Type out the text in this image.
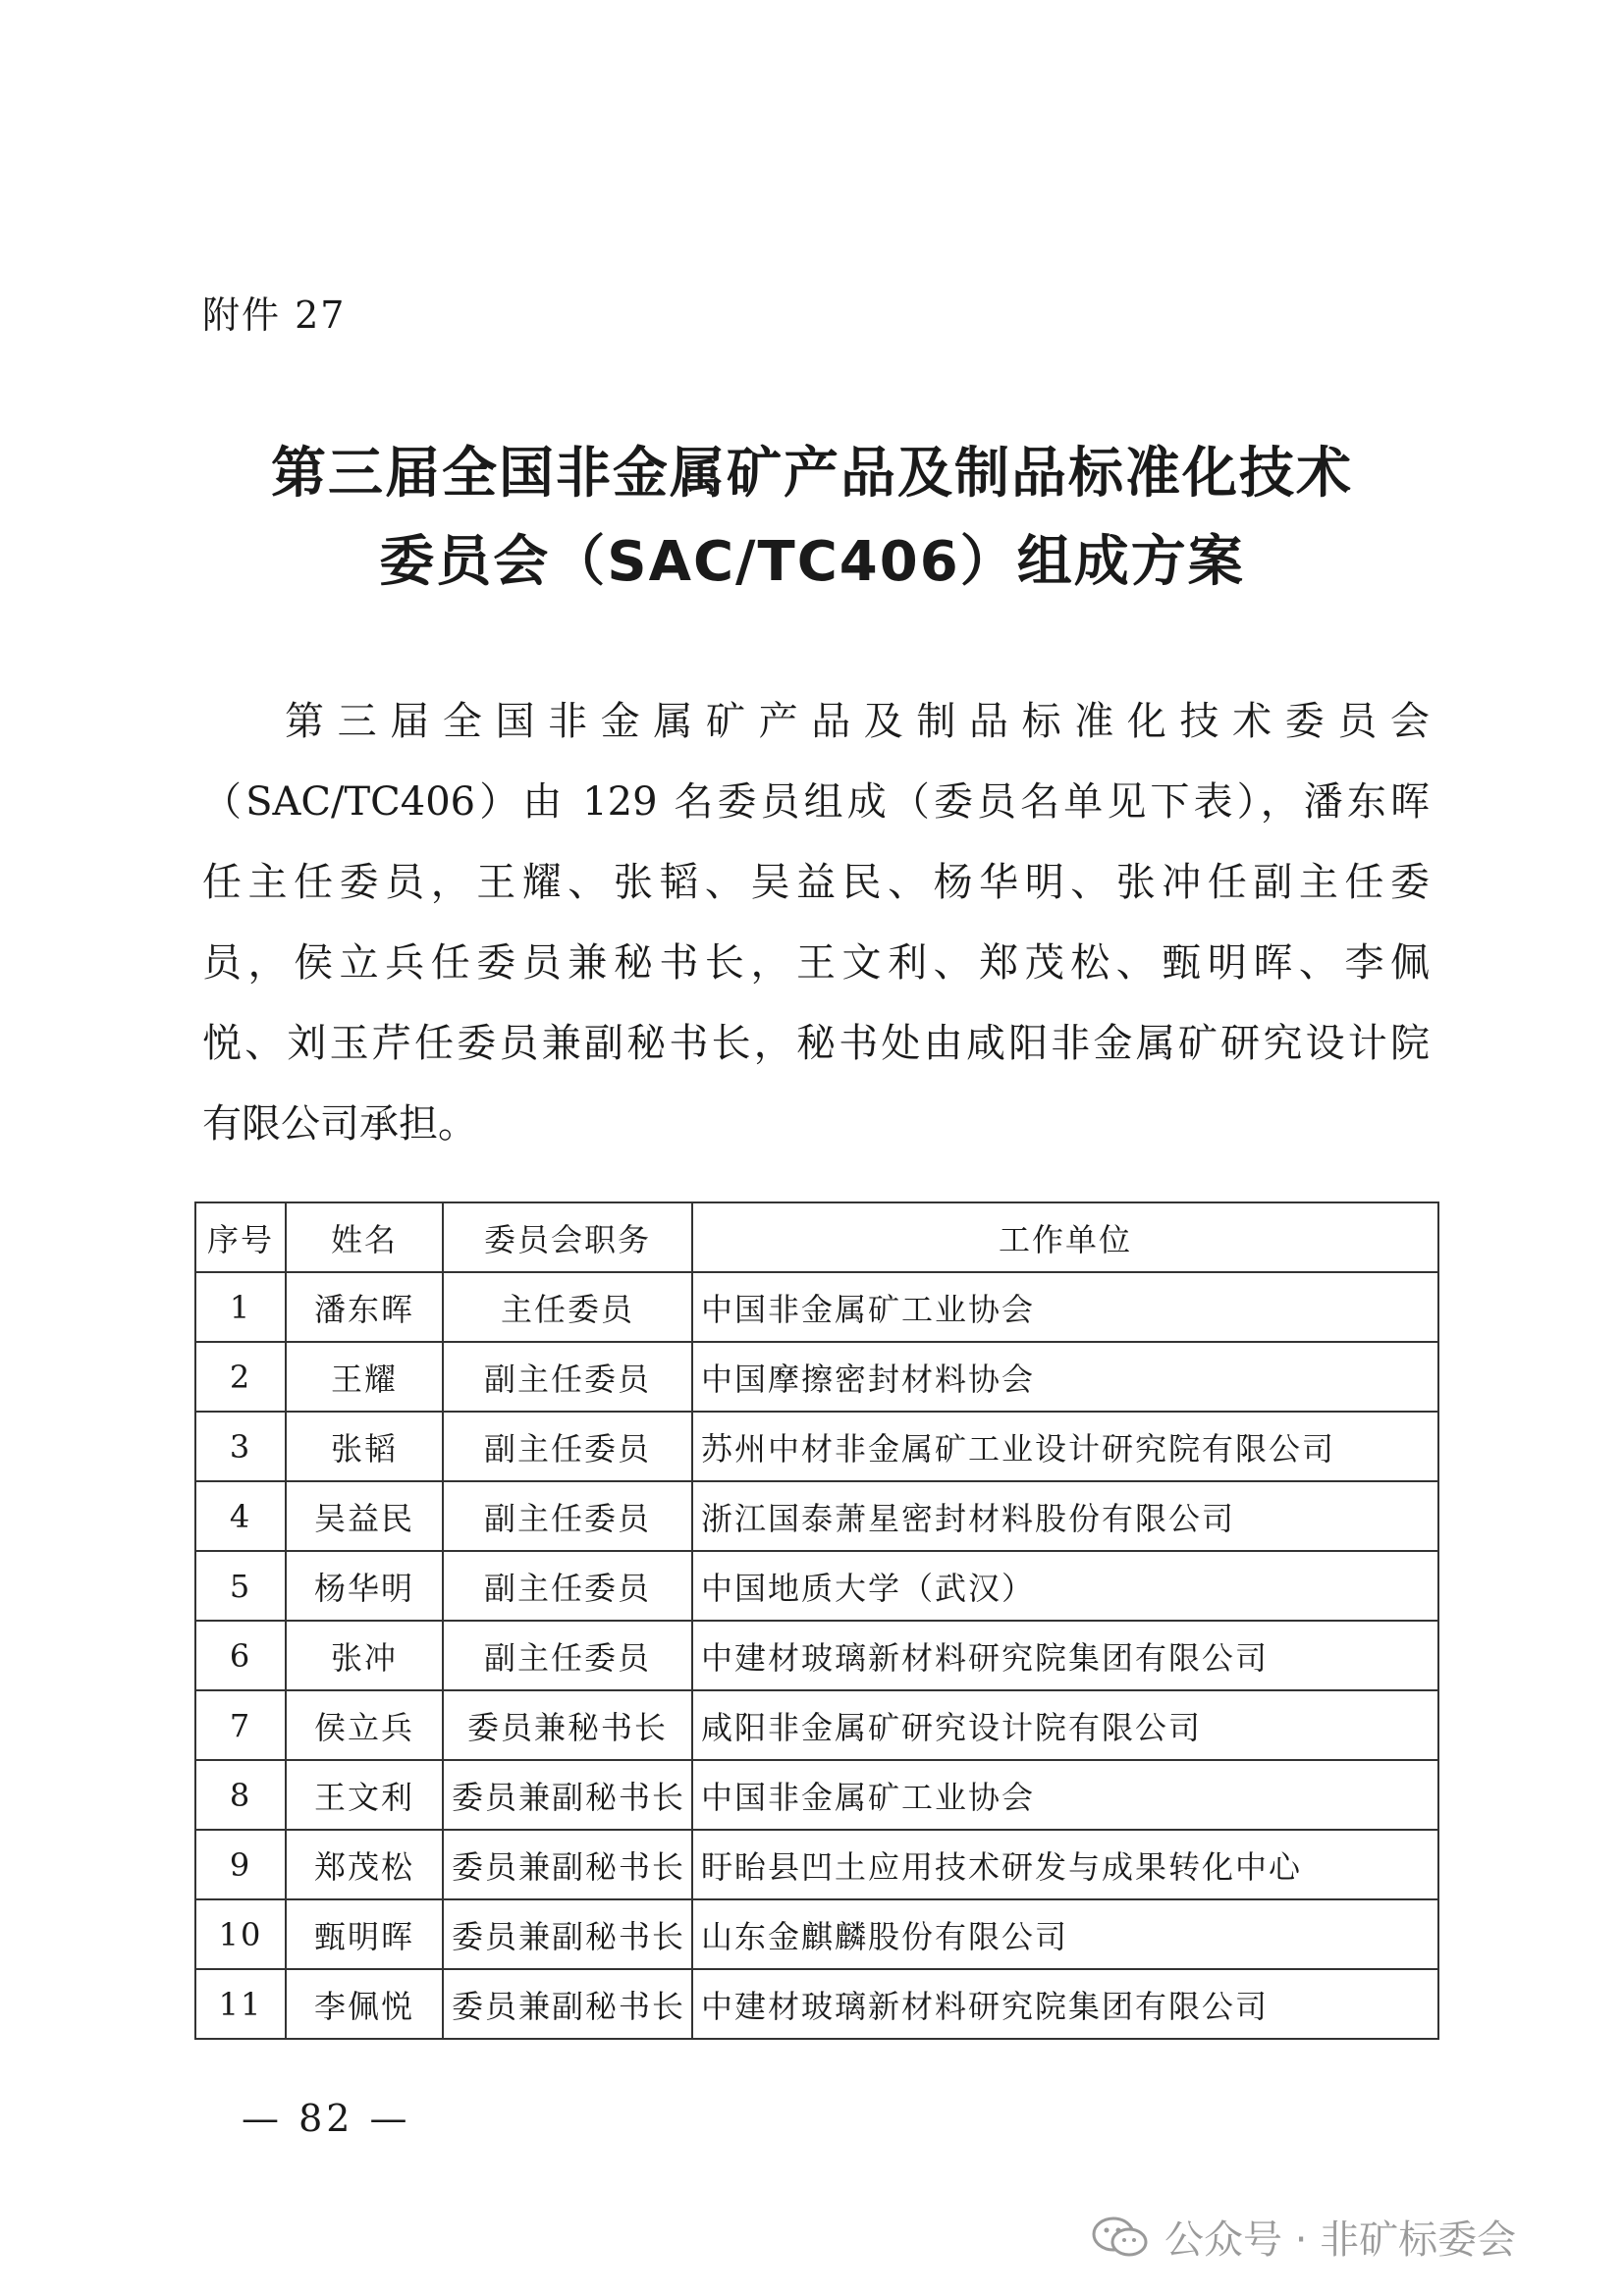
附件 27
第三届全国非金属矿产品及制品标准化技术
委员会（SAC/TC406）组成方案
第三届全国非金属矿产品及制品标准化技术委员会
（SAC/TC406）由 129 名委员组成（委员名单见下表），潘东晖
任主任委员，王耀、张韬、吴益民、杨华明、张冲任副主任委
员，侯立兵任委员兼秘书长，王文利、郑茂松、甄明晖、李佩
悦、刘玉芹任委员兼副秘书长，秘书处由咸阳非金属矿研究设计院
有限公司承担。
序号	姓名	委员会职务	工作单位
1	潘东晖	主任委员	中国非金属矿工业协会
2	王耀	副主任委员	中国摩擦密封材料协会
3	张韬	副主任委员	苏州中材非金属矿工业设计研究院有限公司
4	吴益民	副主任委员	浙江国泰萧星密封材料股份有限公司
5	杨华明	副主任委员	中国地质大学（武汉）
6	张冲	副主任委员	中建材玻璃新材料研究院集团有限公司
7	侯立兵	委员兼秘书长	咸阳非金属矿研究设计院有限公司
8	王文利	委员兼副秘书长	中国非金属矿工业协会
9	郑茂松	委员兼副秘书长	盱眙县凹土应用技术研发与成果转化中心
10	甄明晖	委员兼副秘书长	山东金麒麟股份有限公司
11	李佩悦	委员兼副秘书长	中建材玻璃新材料研究院集团有限公司
— 82 —
公众号 · 非矿标委会
